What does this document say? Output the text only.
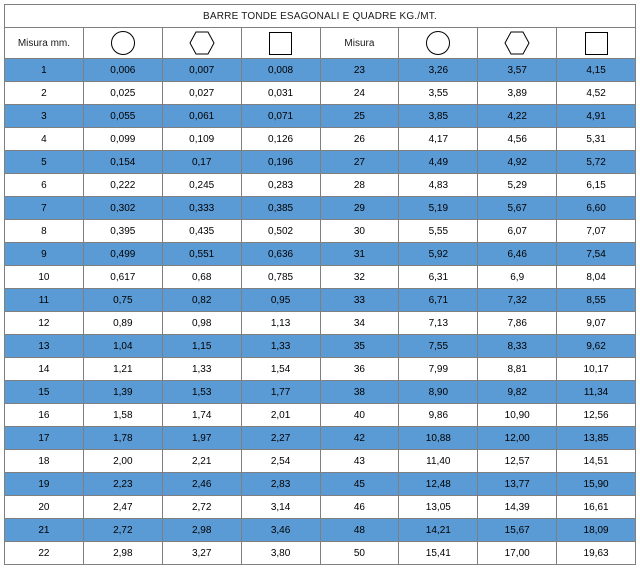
BARRE TONDE ESAGONALI E QUADRE KG./MT.							
Misura mm.				Misura	

1	0,006	0,007	0,008	23	3,26	3,57	4,15
2	0,025	0,027	0,031	24	3,55	3,89	4,52
3	0,055	0,061	0,071	25	3,85	4,22	4,91
4	0,099	0,109	0,126	26	4,17	4,56	5,31
5	0,154	0,17	0,196	27	4,49	4,92	5,72
6	0,222	0,245	0,283	28	4,83	5,29	6,15
7	0,302	0,333	0,385	29	5,19	5,67	6,60
8	0,395	0,435	0,502	30	5,55	6,07	7,07
9	0,499	0,551	0,636	31	5,92	6,46	7,54
10	0,617	0,68	0,785	32	6,31	6,9	8,04
11	0,75	0,82	0,95	33	6,71	7,32	8,55
12	0,89	0,98	1,13	34	7,13	7,86	9,07
13	1,04	1,15	1,33	35	7,55	8,33	9,62
14	1,21	1,33	1,54	36	7,99	8,81	10,17
15	1,39	1,53	1,77	38	8,90	9,82	11,34
16	1,58	1,74	2,01	40	9,86	10,90	12,56
17	1,78	1,97	2,27	42	10,88	12,00	13,85
18	2,00	2,21	2,54	43	11,40	12,57	14,51
19	2,23	2,46	2,83	45	12,48	13,77	15,90
20	2,47	2,72	3,14	46	13,05	14,39	16,61
21	2,72	2,98	3,46	48	14,21	15,67	18,09
22	2,98	3,27	3,80	50	15,41	17,00	19,63
